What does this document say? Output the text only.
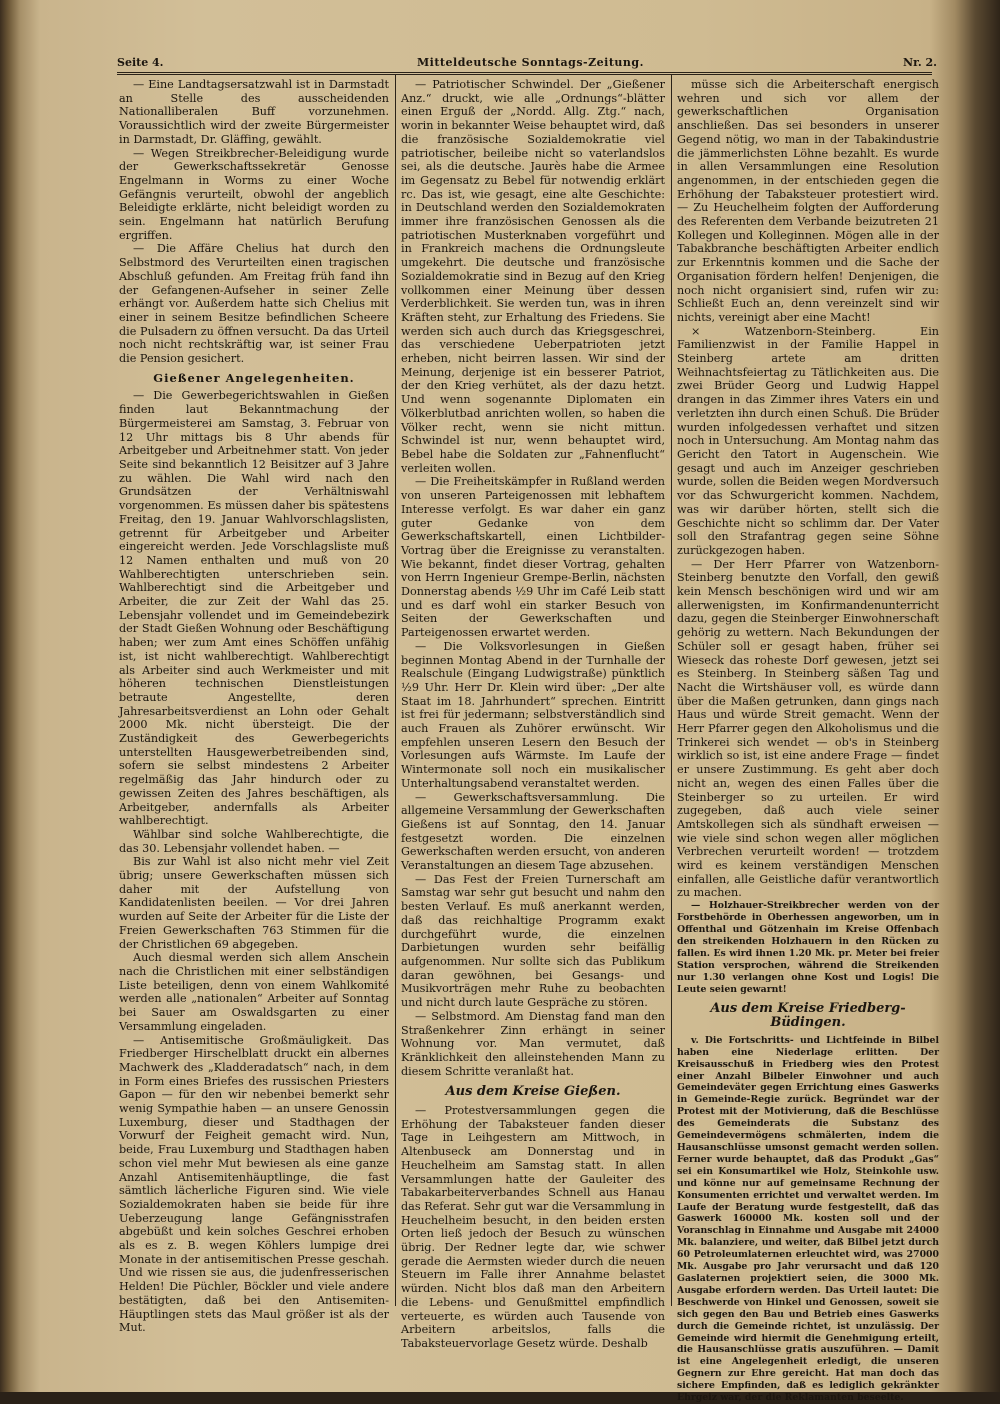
Seite 4.	Mitteldeutsche Sonntags-Zeitung.	Nr. 2.

— Eine Landtagsersatzwahl ist in Darmstadt an Stelle des ausscheidenden Nationalliberalen Buff vorzunehmen. Voraussichtlich wird der zweite Bürgermeister in Darmstadt, Dr. Gläffing, gewählt.

— Wegen Streikbrecher-Beleidigung wurde der Gewerkschaftssekretär Genosse Engelmann in Worms zu einer Woche Gefängnis verurteilt, obwohl der angeblich Beleidigte erklärte, nicht beleidigt worden zu sein. Engelmann hat natürlich Berufung ergriffen.

— Die Affäre Chelius hat durch den Selbstmord des Verurteilten einen tragischen Abschluß gefunden. Am Freitag früh fand ihn der Gefangenen-Aufseher in seiner Zelle erhängt vor. Außerdem hatte sich Chelius mit einer in seinem Besitze befindlichen Scheere die Pulsadern zu öffnen versucht. Da das Urteil noch nicht rechtskräftig war, ist seiner Frau die Pension gesichert.

Gießener Angelegenheiten.

— Die Gewerbegerichtswahlen in Gießen finden laut Bekanntmachung der Bürgermeisterei am Samstag, 3. Februar von 12 Uhr mittags bis 8 Uhr abends für Arbeitgeber und Arbeitnehmer statt. Von jeder Seite sind bekanntlich 12 Beisitzer auf 3 Jahre zu wählen. Die Wahl wird nach den Grundsätzen der Verhältniswahl vorgenommen. Es müssen daher bis spätestens Freitag, den 19. Januar Wahlvorschlagslisten, getrennt für Arbeitgeber und Arbeiter eingereicht werden. Jede Vorschlagsliste muß 12 Namen enthalten und muß von 20 Wahlberechtigten unterschrieben sein. Wahlberechtigt sind die Arbeitgeber und Arbeiter, die zur Zeit der Wahl das 25. Lebensjahr vollendet und im Gemeindebezirk der Stadt Gießen Wohnung oder Beschäftigung haben; wer zum Amt eines Schöffen unfähig ist, ist nicht wahlberechtigt. Wahlberechtigt als Arbeiter sind auch Werkmeister und mit höheren technischen Dienstleistungen betraute Angestellte, deren Jahresarbeitsverdienst an Lohn oder Gehalt 2000 Mk. nicht übersteigt. Die der Zuständigkeit des Gewerbegerichts unterstellten Hausgewerbetreibenden sind, sofern sie selbst mindestens 2 Arbeiter regelmäßig das Jahr hindurch oder zu gewissen Zeiten des Jahres beschäftigen, als Arbeitgeber, andernfalls als Arbeiter wahlberechtigt.

Wählbar sind solche Wahlberechtigte, die das 30. Lebensjahr vollendet haben. —

Bis zur Wahl ist also nicht mehr viel Zeit übrig; unsere Gewerkschaften müssen sich daher mit der Aufstellung von Kandidatenlisten beeilen. — Vor drei Jahren wurden auf Seite der Arbeiter für die Liste der Freien Gewerkschaften 763 Stimmen für die der Christlichen 69 abgegeben.

Auch diesmal werden sich allem Anschein nach die Christlichen mit einer selbständigen Liste beteiligen, denn von einem Wahlkomité werden alle „nationalen“ Arbeiter auf Sonntag bei Sauer am Oswaldsgarten zu einer Versammlung eingeladen.

— Antisemitische Großmäuligkeit. Das Friedberger Hirschelblatt druckt ein albernes Machwerk des „Kladderadatsch“ nach, in dem in Form eines Briefes des russischen Priesters Gapon — für den wir nebenbei bemerkt sehr wenig Sympathie haben — an unsere Genossin Luxemburg, dieser und Stadthagen der Vorwurf der Feigheit gemacht wird. Nun, beide, Frau Luxemburg und Stadthagen haben schon viel mehr Mut bewiesen als eine ganze Anzahl Antisemitenhäuptlinge, die fast sämtlich lächerliche Figuren sind. Wie viele Sozialdemokraten haben sie beide für ihre Ueberzeugung lange Gefängnisstrafen abgebüßt und kein solches Geschrei erhoben als es z. B. wegen Köhlers lumpige drei Monate in der antisemitischen Presse geschah. Und wie rissen sie aus, die judenfresserischen Helden! Die Püchler, Böckler und viele andere bestätigten, daß bei den Antisemiten-Häuptlingen stets das Maul größer ist als der Mut.

— Patriotischer Schwindel. Der „Gießener Anz.“ druckt, wie alle „Ordnungs“-blätter einen Erguß der „Nordd. Allg. Ztg.“ nach, worin in bekannter Weise behauptet wird, daß die französische Sozialdemokratie viel patriotischer, beileibe nicht so vaterlandslos sei, als die deutsche. Jaurès habe die Armee im Gegensatz zu Bebel für notwendig erklärt rc. Das ist, wie gesagt, eine alte Geschichte: in Deutschland werden den Sozialdemokraten immer ihre französischen Genossen als die patriotischen Musterknaben vorgeführt und in Frankreich machens die Ordnungsleute umgekehrt. Die deutsche und französische Sozialdemokratie sind in Bezug auf den Krieg vollkommen einer Meinung über dessen Verderblichkeit. Sie werden tun, was in ihren Kräften steht, zur Erhaltung des Friedens. Sie werden sich auch durch das Kriegsgeschrei, das verschiedene Ueberpatrioten jetzt erheben, nicht beirren lassen. Wir sind der Meinung, derjenige ist ein besserer Patriot, der den Krieg verhütet, als der dazu hetzt. Und wenn sogenannte Diplomaten ein Völkerblutbad anrichten wollen, so haben die Völker recht, wenn sie nicht mittun. Schwindel ist nur, wenn behauptet wird, Bebel habe die Soldaten zur „Fahnenflucht“ verleiten wollen.

— Die Freiheitskämpfer in Rußland werden von unseren Parteigenossen mit lebhaftem Interesse verfolgt. Es war daher ein ganz guter Gedanke von dem Gewerkschaftskartell, einen Lichtbilder-Vortrag über die Ereignisse zu veranstalten. Wie bekannt, findet dieser Vortrag, gehalten von Herrn Ingenieur Grempe-Berlin, nächsten Donnerstag abends ½9 Uhr im Café Leib statt und es darf wohl ein starker Besuch von Seiten der Gewerkschaften und Parteigenossen erwartet werden.

— Die Volksvorlesungen in Gießen beginnen Montag Abend in der Turnhalle der Realschule (Eingang Ludwigstraße) pünktlich ½9 Uhr. Herr Dr. Klein wird über: „Der alte Staat im 18. Jahrhundert“ sprechen. Eintritt ist frei für jedermann; selbstverständlich sind auch Frauen als Zuhörer erwünscht. Wir empfehlen unseren Lesern den Besuch der Vorlesungen aufs Wärmste. Im Laufe der Wintermonate soll noch ein musikalischer Unterhaltungsabend veranstaltet werden.

— Gewerkschaftsversammlung. Die allgemeine Versammlung der Gewerkschaften Gießens ist auf Sonntag, den 14. Januar festgesetzt worden. Die einzelnen Gewerkschaften werden ersucht, von anderen Veranstaltungen an diesem Tage abzusehen.

— Das Fest der Freien Turnerschaft am Samstag war sehr gut besucht und nahm den besten Verlauf. Es muß anerkannt werden, daß das reichhaltige Programm exakt durchgeführt wurde, die einzelnen Darbietungen wurden sehr beifällig aufgenommen. Nur sollte sich das Publikum daran gewöhnen, bei Gesangs- und Musikvorträgen mehr Ruhe zu beobachten und nicht durch laute Gespräche zu stören.

— Selbstmord. Am Dienstag fand man den Straßenkehrer Zinn erhängt in seiner Wohnung vor. Man vermutet, daß Kränklichkeit den alleinstehenden Mann zu diesem Schritte veranlaßt hat.

Aus dem Kreise Gießen.

— Protestversammlungen gegen die Erhöhung der Tabaksteuer fanden dieser Tage in Leihgestern am Mittwoch, in Altenbuseck am Donnerstag und in Heuchelheim am Samstag statt. In allen Versammlungen hatte der Gauleiter des Tabakarbeiterverbandes Schnell aus Hanau das Referat. Sehr gut war die Versammlung in Heuchelheim besucht, in den beiden ersten Orten ließ jedoch der Besuch zu wünschen übrig. Der Redner legte dar, wie schwer gerade die Aermsten wieder durch die neuen Steuern im Falle ihrer Annahme belastet würden. Nicht blos daß man den Arbeitern die Lebens- und Genußmittel empfindlich verteuerte, es würden auch Tausende von Arbeitern arbeitslos, falls die Tabaksteuervorlage Gesetz würde. Deshalb

müsse sich die Arbeiterschaft energisch wehren und sich vor allem der gewerkschaftlichen Organisation anschließen. Das sei besonders in unserer Gegend nötig, wo man in der Tabakindustrie die jämmerlichsten Löhne bezahlt. Es wurde in allen Versammlungen eine Resolution angenommen, in der entschieden gegen die Erhöhung der Tabaksteuer protestiert wird. — Zu Heuchelheim folgten der Aufforderung des Referenten dem Verbande beizutreten 21 Kollegen und Kolleginnen. Mögen alle in der Tabakbranche beschäftigten Arbeiter endlich zur Erkenntnis kommen und die Sache der Organisation fördern helfen! Denjenigen, die noch nicht organisiert sind, rufen wir zu: Schließt Euch an, denn vereinzelt sind wir nichts, vereinigt aber eine Macht!

× Watzenborn-Steinberg. Ein Familienzwist in der Familie Happel in Steinberg artete am dritten Weihnachtsfeiertag zu Tätlichkeiten aus. Die zwei Brüder Georg und Ludwig Happel drangen in das Zimmer ihres Vaters ein und verletzten ihn durch einen Schuß. Die Brüder wurden infolgedessen verhaftet und sitzen noch in Untersuchung. Am Montag nahm das Gericht den Tatort in Augenschein. Wie gesagt und auch im Anzeiger geschrieben wurde, sollen die Beiden wegen Mordversuch vor das Schwurgericht kommen. Nachdem, was wir darüber hörten, stellt sich die Geschichte nicht so schlimm dar. Der Vater soll den Strafantrag gegen seine Söhne zurückgezogen haben.

— Der Herr Pfarrer von Watzenborn-Steinberg benutzte den Vorfall, den gewiß kein Mensch beschönigen wird und wir am allerwenigsten, im Konfirmandenunterricht dazu, gegen die Steinberger Einwohnerschaft gehörig zu wettern. Nach Bekundungen der Schüler soll er gesagt haben, früher sei Wieseck das roheste Dorf gewesen, jetzt sei es Steinberg. In Steinberg säßen Tag und Nacht die Wirtshäuser voll, es würde dann über die Maßen getrunken, dann gings nach Haus und würde Streit gemacht. Wenn der Herr Pfarrer gegen den Alkoholismus und die Trinkerei sich wendet — ob's in Steinberg wirklich so ist, ist eine andere Frage — findet er unsere Zustimmung. Es geht aber doch nicht an, wegen des einen Falles über die Steinberger so zu urteilen. Er wird zugegeben, daß auch viele seiner Amtskollegen sich als sündhaft erweisen — wie viele sind schon wegen aller möglichen Verbrechen verurteilt worden! — trotzdem wird es keinem verständigen Menschen einfallen, alle Geistliche dafür verantwortlich zu machen.

— Holzhauer-Streikbrecher werden von der Forstbehörde in Oberhessen angeworben, um in Offenthal und Götzenhain im Kreise Offenbach den streikenden Holzhauern in den Rücken zu fallen. Es wird ihnen 1.20 Mk. pr. Meter bei freier Station versprochen, während die Streikenden nur 1.30 verlangen ohne Kost und Logis! Die Leute seien gewarnt!

Aus dem Kreise Friedberg-Büdingen.

v. Die Fortschritts- und Lichtfeinde in Bilbel haben eine Niederlage erlitten. Der Kreisausschuß in Friedberg wies den Protest einer Anzahl Bilbeler Einwohner und auch Gemeindeväter gegen Errichtung eines Gaswerks in Gemeinde-Regie zurück. Begründet war der Protest mit der Motivierung, daß die Beschlüsse des Gemeinderats die Substanz des Gemeindevermögens schmälerten, indem die Hausanschlüsse umsonst gemacht werden sollen. Ferner wurde behauptet, daß das Produkt „Gas“ sei ein Konsumartikel wie Holz, Steinkohle usw. und könne nur auf gemeinsame Rechnung der Konsumenten errichtet und verwaltet werden. Im Laufe der Beratung wurde festgestellt, daß das Gaswerk 160000 Mk. kosten soll und der Voranschlag in Einnahme und Ausgabe mit 24000 Mk. balanziere, und weiter, daß Bilbel jetzt durch 60 Petroleumlaternen erleuchtet wird, was 27000 Mk. Ausgabe pro Jahr verursacht und daß 120 Gaslaternen projektiert seien, die 3000 Mk. Ausgabe erfordern werden. Das Urteil lautet: Die Beschwerde von Hinkel und Genossen, soweit sie sich gegen den Bau und Betrieb eines Gaswerks durch die Gemeinde richtet, ist unzulässig. Der Gemeinde wird hiermit die Genehmigung erteilt, die Hausanschlüsse gratis auszuführen. — Damit ist eine Angelegenheit erledigt, die unseren Gegnern zur Ehre gereicht. Hat man doch das sichere Empfinden, daß es lediglich gekränkter Ehrgeiz war, der die Reklamanten beseelte.
